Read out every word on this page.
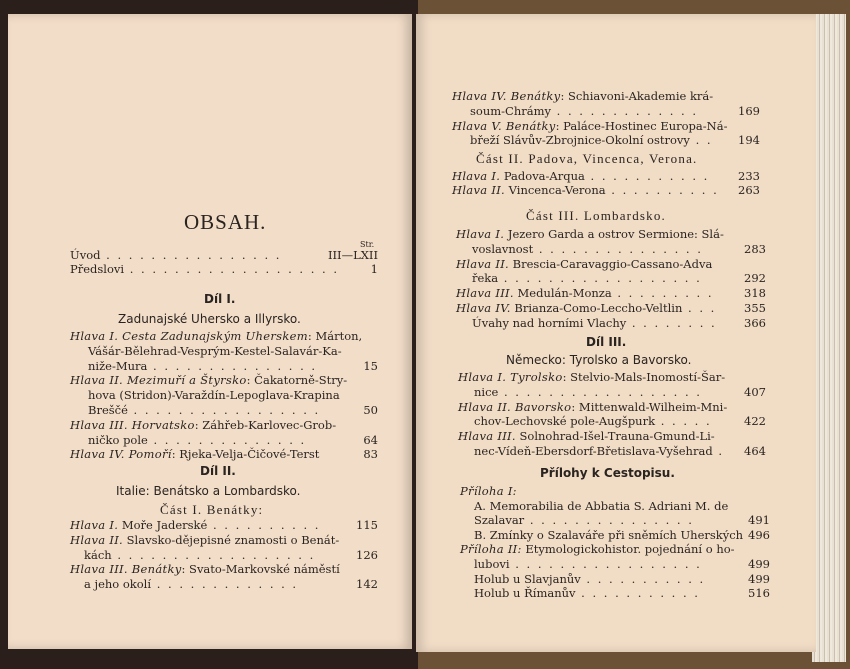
OBSAH.
Str.
Úvod . . . . . . . . . . . . . . . .	III—LXII
Předslovi . . . . . . . . . . . . . . . . . . .	1
Díl I.
Zadunajské Uhersko a Illyrsko.
Hlava I. Cesta Zadunajským Uherskem: Márton,
Vášár-Bělehrad-Vesprým-Kestel-Salavár-Ka-
niže-Mura . . . . . . . . . . . . . . .	15
Hlava II. Mezimuří a Štyrsko: Čakatorně-Stry-
hova (Stridon)-Varaždín-Lepoglava-Krapina
Breščé . . . . . . . . . . . . . . . . .	50
Hlava III. Horvatsko: Záhřeb-Karlovec-Grob-
ničko pole . . . . . . . . . . . . . .	64
Hlava IV. Pomoří: Rjeka-Velja-Čičové-Terst	83
Díl II.
Italie: Benátsko a Lombardsko.
Část I. Benátky:
Hlava I. Moře Jaderské . . . . . . . . . .	115
Hlava II. Slavsko-dějepisné znamosti o Benát-
kách . . . . . . . . . . . . . . . . . .	126
Hlava III. Benátky: Svato-Markovské náměstí
a jeho okolí . . . . . . . . . . . . .	142
Hlava IV. Benátky: Schiavoni-Akademie krá-
soum-Chrámy . . . . . . . . . . . . .	169
Hlava V. Benátky: Paláce-Hostinec Europa-Ná-
břeží Slávův-Zbrojnice-Okolní ostrovy . . 194
Část II. Padova, Vincenca, Verona.
Hlava I. Padova-Arqua . . . . . . . . . . .	233
Hlava II. Vincenca-Verona . . . . . . . . . . 263
Část III. Lombardsko.
Hlava I. Jezero Garda a ostrov Sermione: Slá-
voslavnost . . . . . . . . . . . . . . .	283
Hlava II. Brescia-Caravaggio-Cassano-Adva
řeka . . . . . . . . . . . . . . . . . .	292
Hlava III. Medulán-Monza . . . . . . . . .	318
Hlava IV. Brianza-Como-Leccho-Veltlin . . . 355
Úvahy nad horními Vlachy . . . . . . . . 366
Díl III.
Německo: Tyrolsko a Bavorsko.
Hlava I. Tyrolsko: Stelvio-Mals-Inomostí-Šar-
nice . . . . . . . . . . . . . . . . . .	407
Hlava II. Bavorsko: Mittenwald-Wilheim-Mni-
chov-Lechovské pole-Augšpurk . . . . .	422
Hlava III. Solnohrad-Išel-Trauna-Gmund-Li-
nec-Vídeň-Ebersdorf-Břetislava-Vyšehrad . 464
Přílohy k Cestopisu.
Příloha I:
A. Memorabilia de Abbatia S. Adriani M. de
Szalavar . . . . . . . . . . . . . . .	491
B. Zmínky o Szalaváře při sněmích Uherských 496
Příloha II: Etymologickohistor. pojednání o ho-
lubovi . . . . . . . . . . . . . . . . .	499
Holub u Slavjanův . . . . . . . . . . .	499
Holub u Římanův . . . . . . . . . . .	516
